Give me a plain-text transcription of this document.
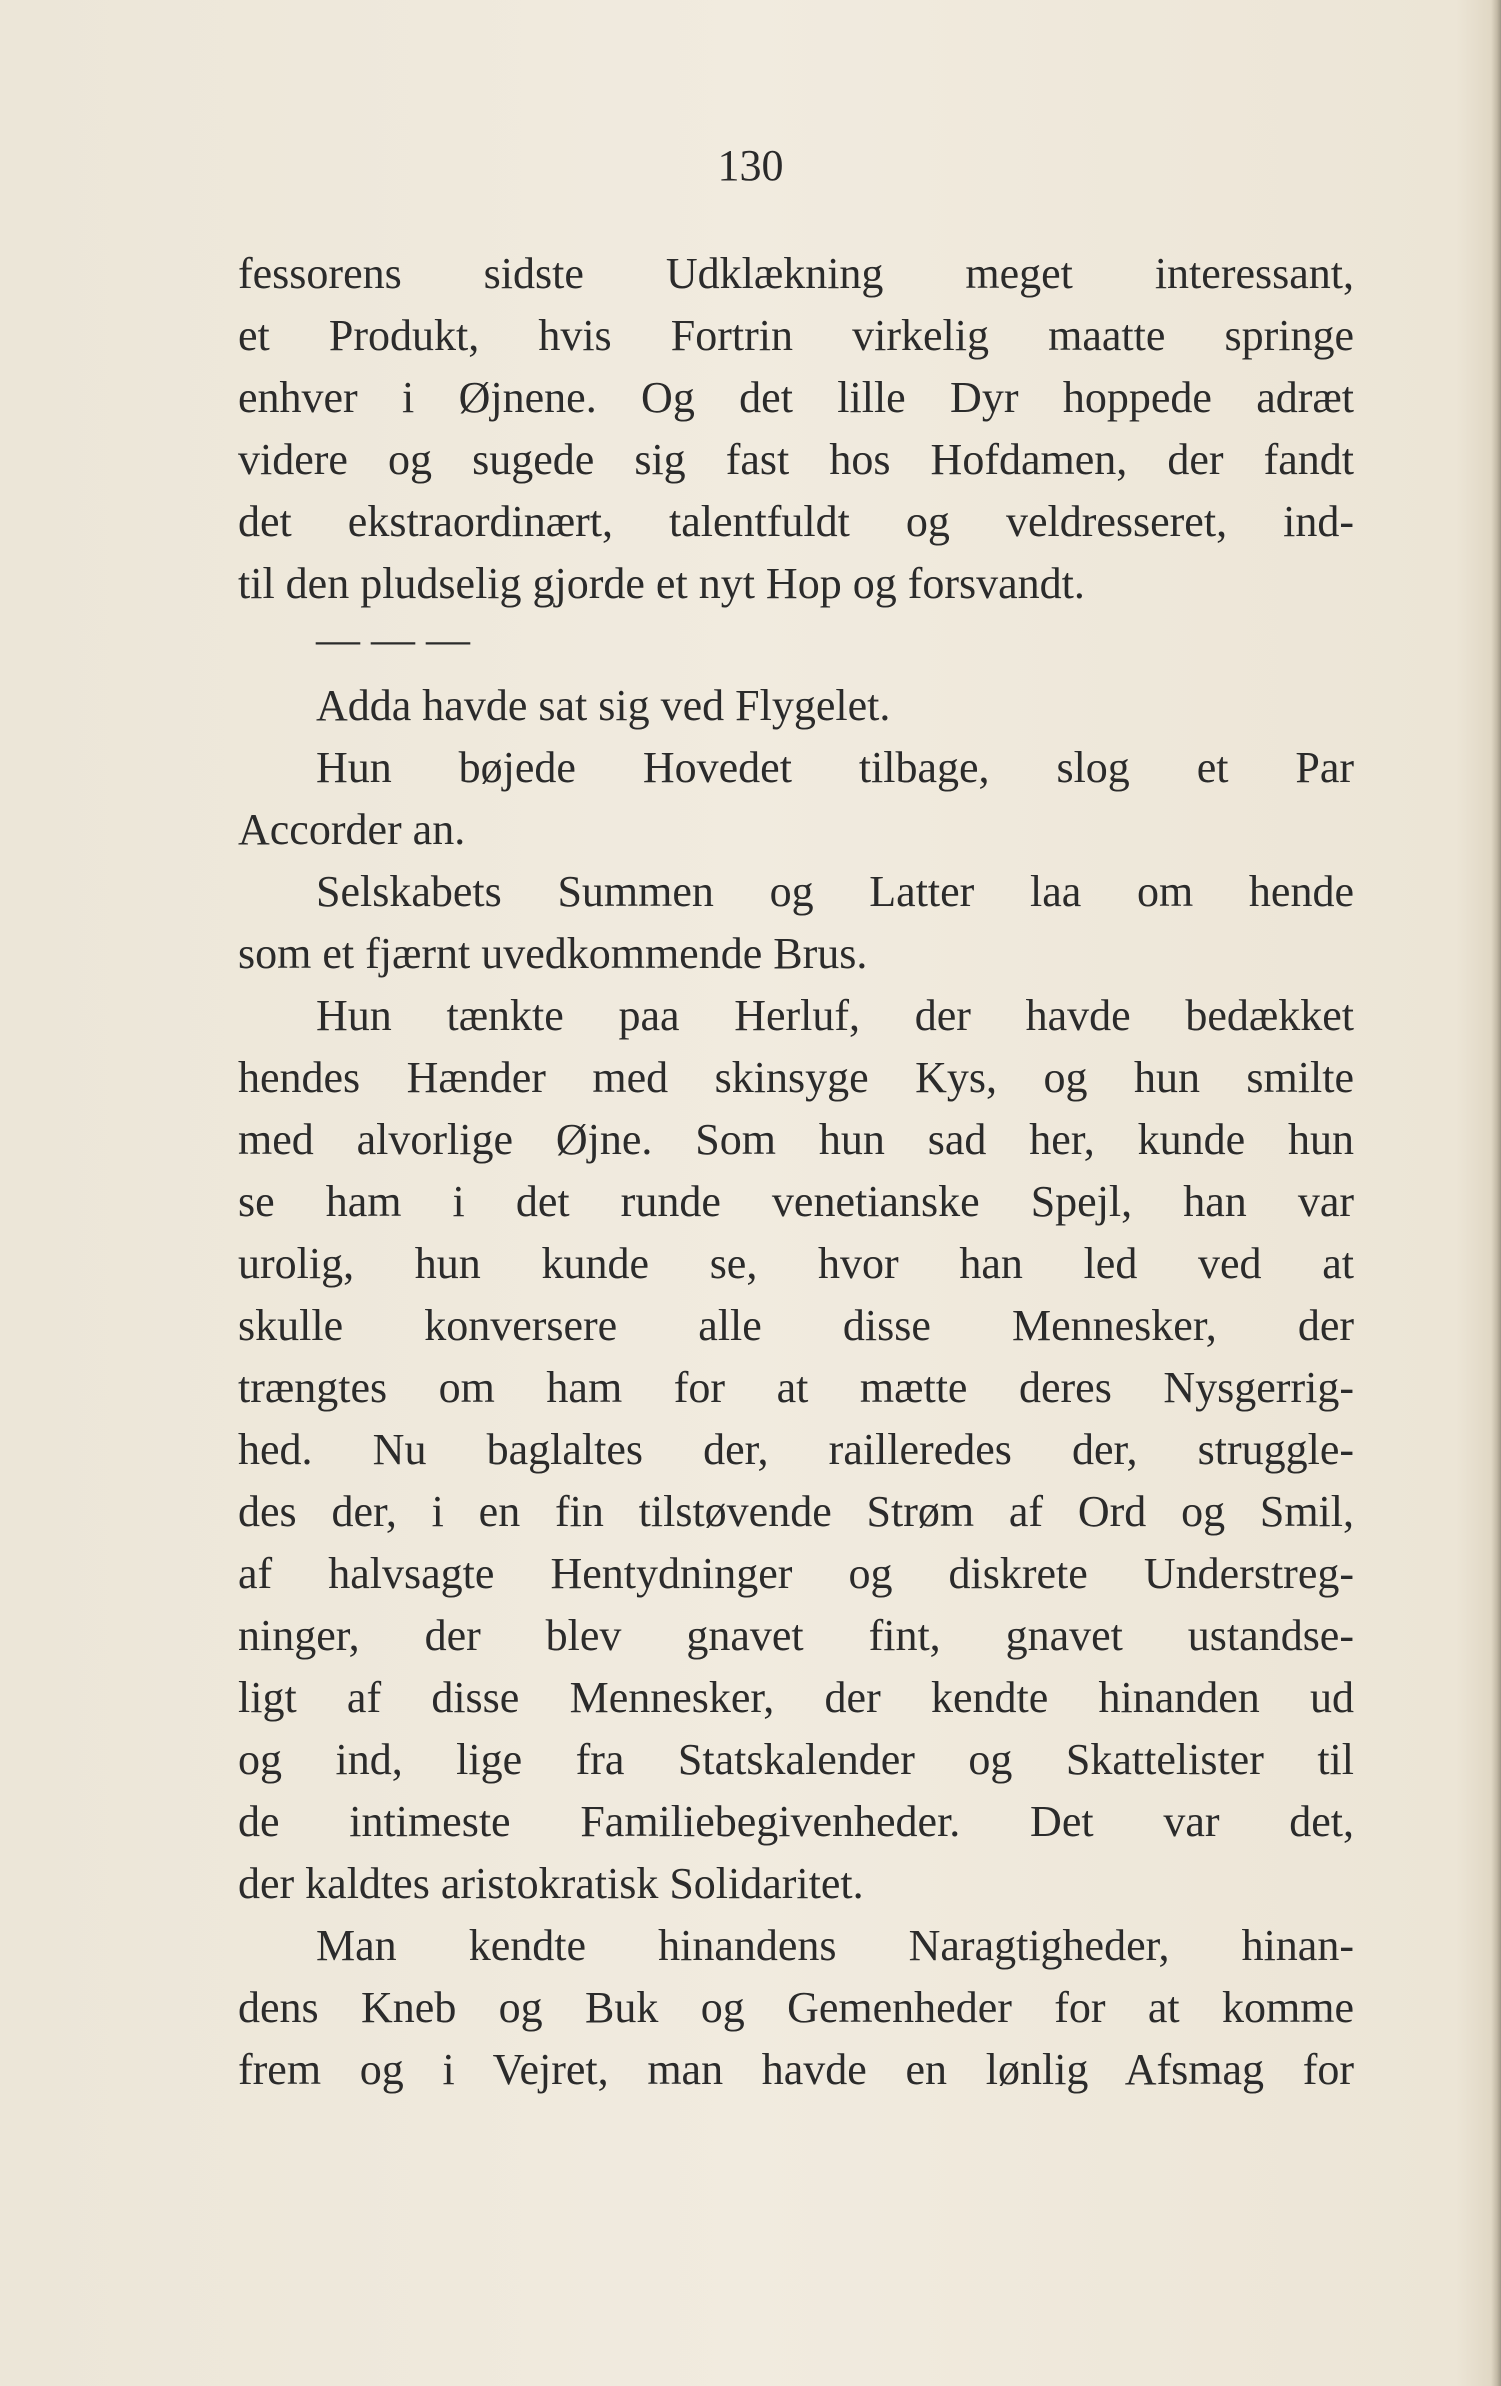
130
fessorens sidste Udklækning meget interessant,
et Produkt, hvis Fortrin virkelig maatte springe
enhver i Øjnene. Og det lille Dyr hoppede adræt
videre og sugede sig fast hos Hofdamen, der fandt
det ekstraordinært, talentfuldt og veldresseret, ind-
til den pludselig gjorde et nyt Hop og forsvandt.
— — —
Adda havde sat sig ved Flygelet.
Hun bøjede Hovedet tilbage, slog et Par
Accorder an.
Selskabets Summen og Latter laa om hende
som et fjærnt uvedkommende Brus.
Hun tænkte paa Herluf, der havde bedækket
hendes Hænder med skinsyge Kys, og hun smilte
med alvorlige Øjne. Som hun sad her, kunde hun
se ham i det runde venetianske Spejl, han var
urolig, hun kunde se, hvor han led ved at
skulle konversere alle disse Mennesker, der
trængtes om ham for at mætte deres Nysgerrig-
hed. Nu baglaltes der, railleredes der, struggle-
des der, i en fin tilstøvende Strøm af Ord og Smil,
af halvsagte Hentydninger og diskrete Understreg-
ninger, der blev gnavet fint, gnavet ustandse-
ligt af disse Mennesker, der kendte hinanden ud
og ind, lige fra Statskalender og Skattelister til
de intimeste Familiebegivenheder. Det var det,
der kaldtes aristokratisk Solidaritet.
Man kendte hinandens Naragtigheder, hinan-
dens Kneb og Buk og Gemenheder for at komme
frem og i Vejret, man havde en lønlig Afsmag for
